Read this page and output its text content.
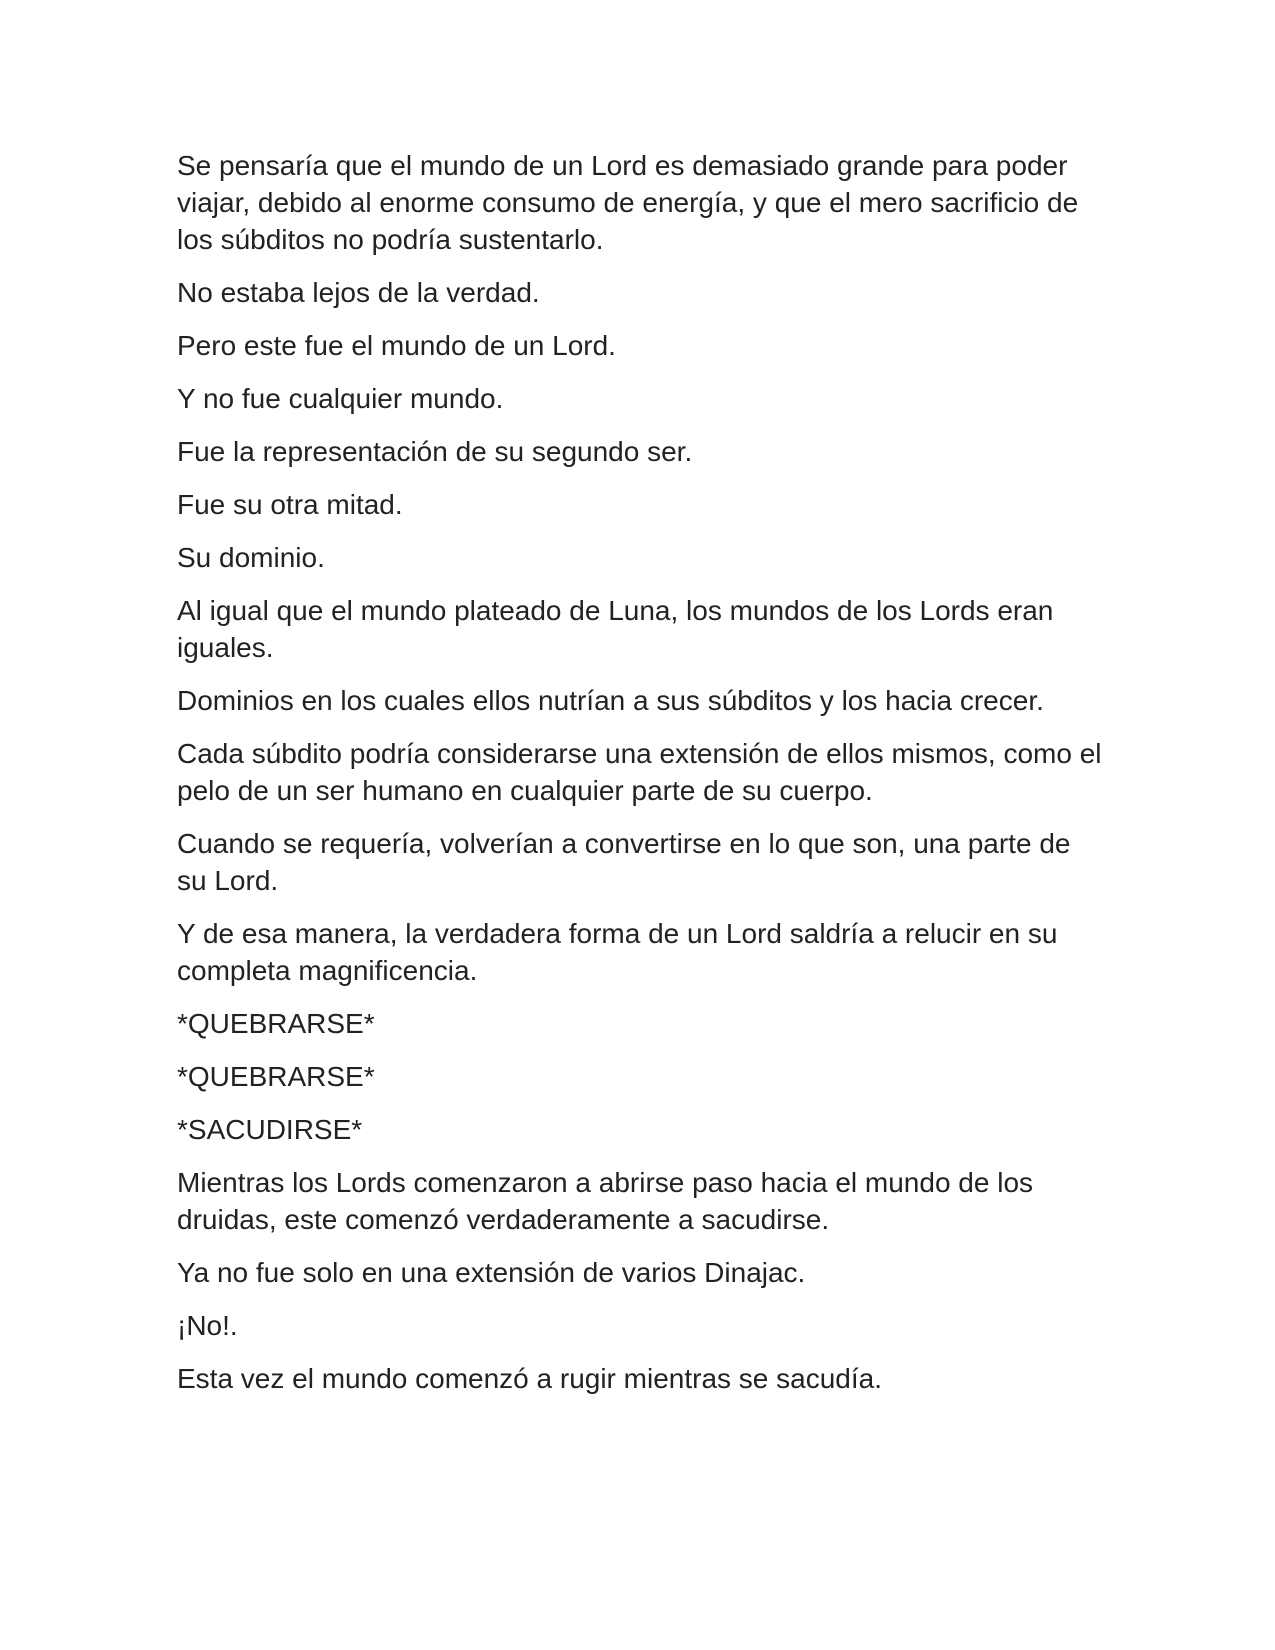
Se pensaría que el mundo de un Lord es demasiado grande para poder viajar, debido al enorme consumo de energía, y que el mero sacrificio de los súbditos no podría sustentarlo.

No estaba lejos de la verdad.

Pero este fue el mundo de un Lord.

Y no fue cualquier mundo.

Fue la representación de su segundo ser.

Fue su otra mitad.

Su dominio.

Al igual que el mundo plateado de Luna, los mundos de los Lords eran iguales.

Dominios en los cuales ellos nutrían a sus súbditos y los hacia crecer.

Cada súbdito podría considerarse una extensión de ellos mismos, como el pelo de un ser humano en cualquier parte de su cuerpo.

Cuando se requería, volverían a convertirse en lo que son, una parte de su Lord.

Y de esa manera, la verdadera forma de un Lord saldría a relucir en su completa magnificencia.

*QUEBRARSE*

*QUEBRARSE*

*SACUDIRSE*

Mientras los Lords comenzaron a abrirse paso hacia el mundo de los druidas, este comenzó verdaderamente a sacudirse.

Ya no fue solo en una extensión de varios Dinajac.

¡No!.

Esta vez el mundo comenzó a rugir mientras se sacudía.
